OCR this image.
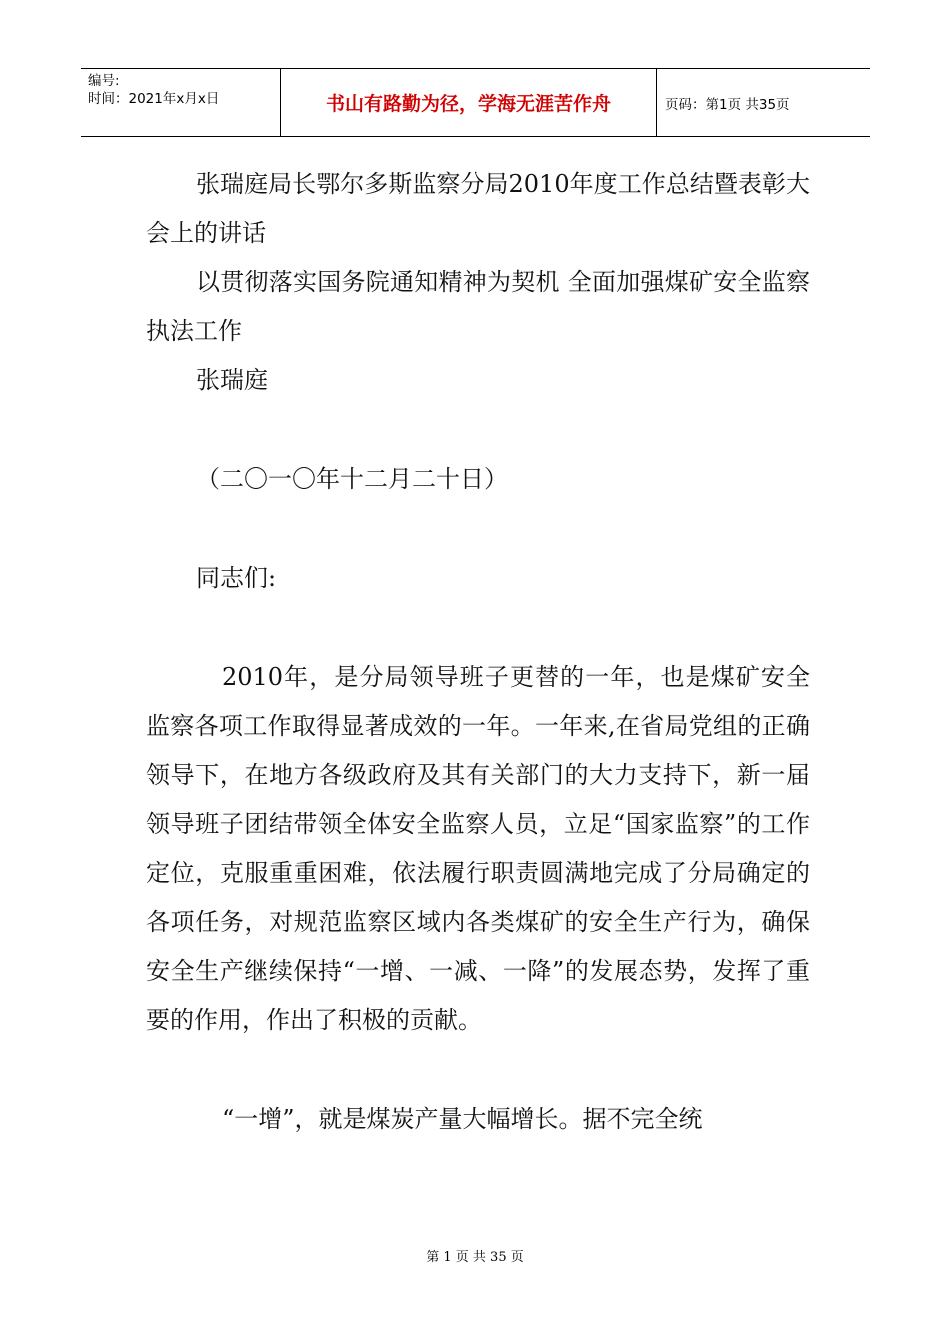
编号:
时间：2021年x月x日	书山有路勤为径，学海无涯苦作舟	页码：第1页 共35页

张瑞庭局长鄂尔多斯监察分局2010年度工作总结暨表彰大会上的讲话

以贯彻落实国务院通知精神为契机 全面加强煤矿安全监察执法工作

张瑞庭

（二〇一〇年十二月二十日）

同志们:

2010年，是分局领导班子更替的一年，也是煤矿安全监察各项工作取得显著成效的一年。一年来,在省局党组的正确领导下，在地方各级政府及其有关部门的大力支持下，新一届领导班子团结带领全体安全监察人员，立足“国家监察”的工作定位，克服重重困难，依法履行职责圆满地完成了分局确定的各项任务，对规范监察区域内各类煤矿的安全生产行为，确保安全生产继续保持“一增、一减、一降”的发展态势，发挥了重要的作用，作出了积极的贡献。

“一增”，就是煤炭产量大幅增长。据不完全统

第 1 页 共 35 页
